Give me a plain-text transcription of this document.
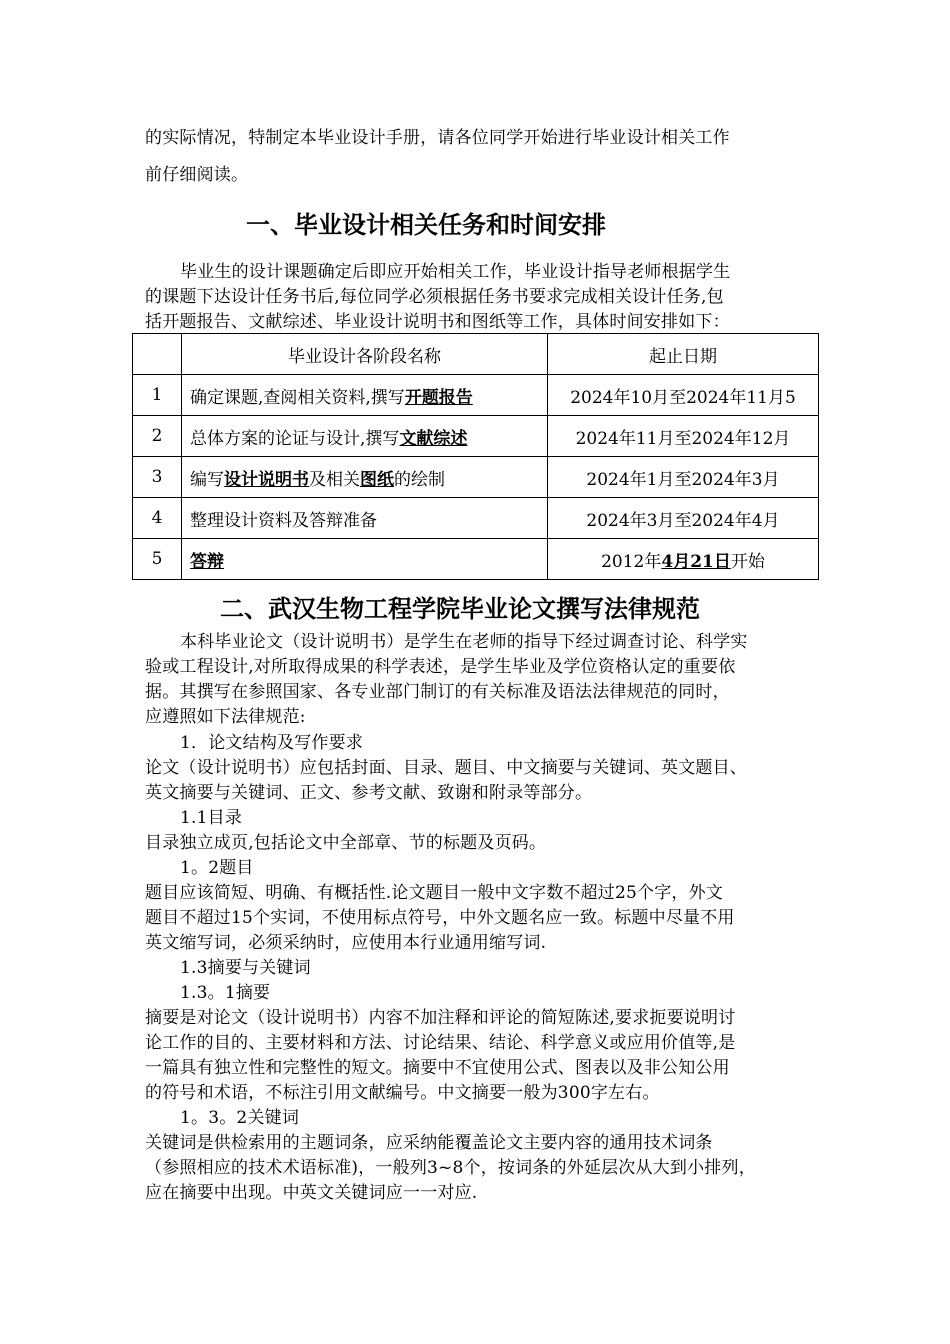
的实际情况，特制定本毕业设计手册，请各位同学开始进行毕业设计相关工作
前仔细阅读。
一、毕业设计相关任务和时间安排
毕业生的设计课题确定后即应开始相关工作，毕业设计指导老师根据学生
的课题下达设计任务书后,每位同学必须根据任务书要求完成相关设计任务,包
括开题报告、文献综述、毕业设计说明书和图纸等工作，具体时间安排如下：
	毕业设计各阶段名称	起止日期
1	确定课题,查阅相关资料,撰写开题报告	2024年10月至2024年11月5
2	总体方案的论证与设计,撰写文献综述	2024年11月至2024年12月
3	编写设计说明书及相关图纸的绘制	2024年1月至2024年3月
4	整理设计资料及答辩准备	2024年3月至2024年4月
5	答辩	2012年4月21日开始
二、武汉生物工程学院毕业论文撰写法律规范
本科毕业论文（设计说明书）是学生在老师的指导下经过调查讨论、科学实
验或工程设计,对所取得成果的科学表述，是学生毕业及学位资格认定的重要依
据。其撰写在参照国家、各专业部门制订的有关标准及语法法律规范的同时，
应遵照如下法律规范:
1．论文结构及写作要求
论文（设计说明书）应包括封面、目录、题目、中文摘要与关键词、英文题目、
英文摘要与关键词、正文、参考文献、致谢和附录等部分。
1.1目录
目录独立成页,包括论文中全部章、节的标题及页码。
1。2题目
题目应该简短、明确、有概括性.论文题目一般中文字数不超过25个字，外文
题目不超过15个实词，不使用标点符号，中外文题名应一致。标题中尽量不用
英文缩写词，必须采纳时，应使用本行业通用缩写词.
1.3摘要与关键词
1.3。1摘要
摘要是对论文（设计说明书）内容不加注释和评论的简短陈述,要求扼要说明讨
论工作的目的、主要材料和方法、讨论结果、结论、科学意义或应用价值等,是
一篇具有独立性和完整性的短文。摘要中不宜使用公式、图表以及非公知公用
的符号和术语，不标注引用文献编号。中文摘要一般为300字左右。
1。3。2关键词
关键词是供检索用的主题词条，应采纳能覆盖论文主要内容的通用技术词条
（参照相应的技术术语标准)，一般列3~8个，按词条的外延层次从大到小排列，
应在摘要中出现。中英文关键词应一一对应.
